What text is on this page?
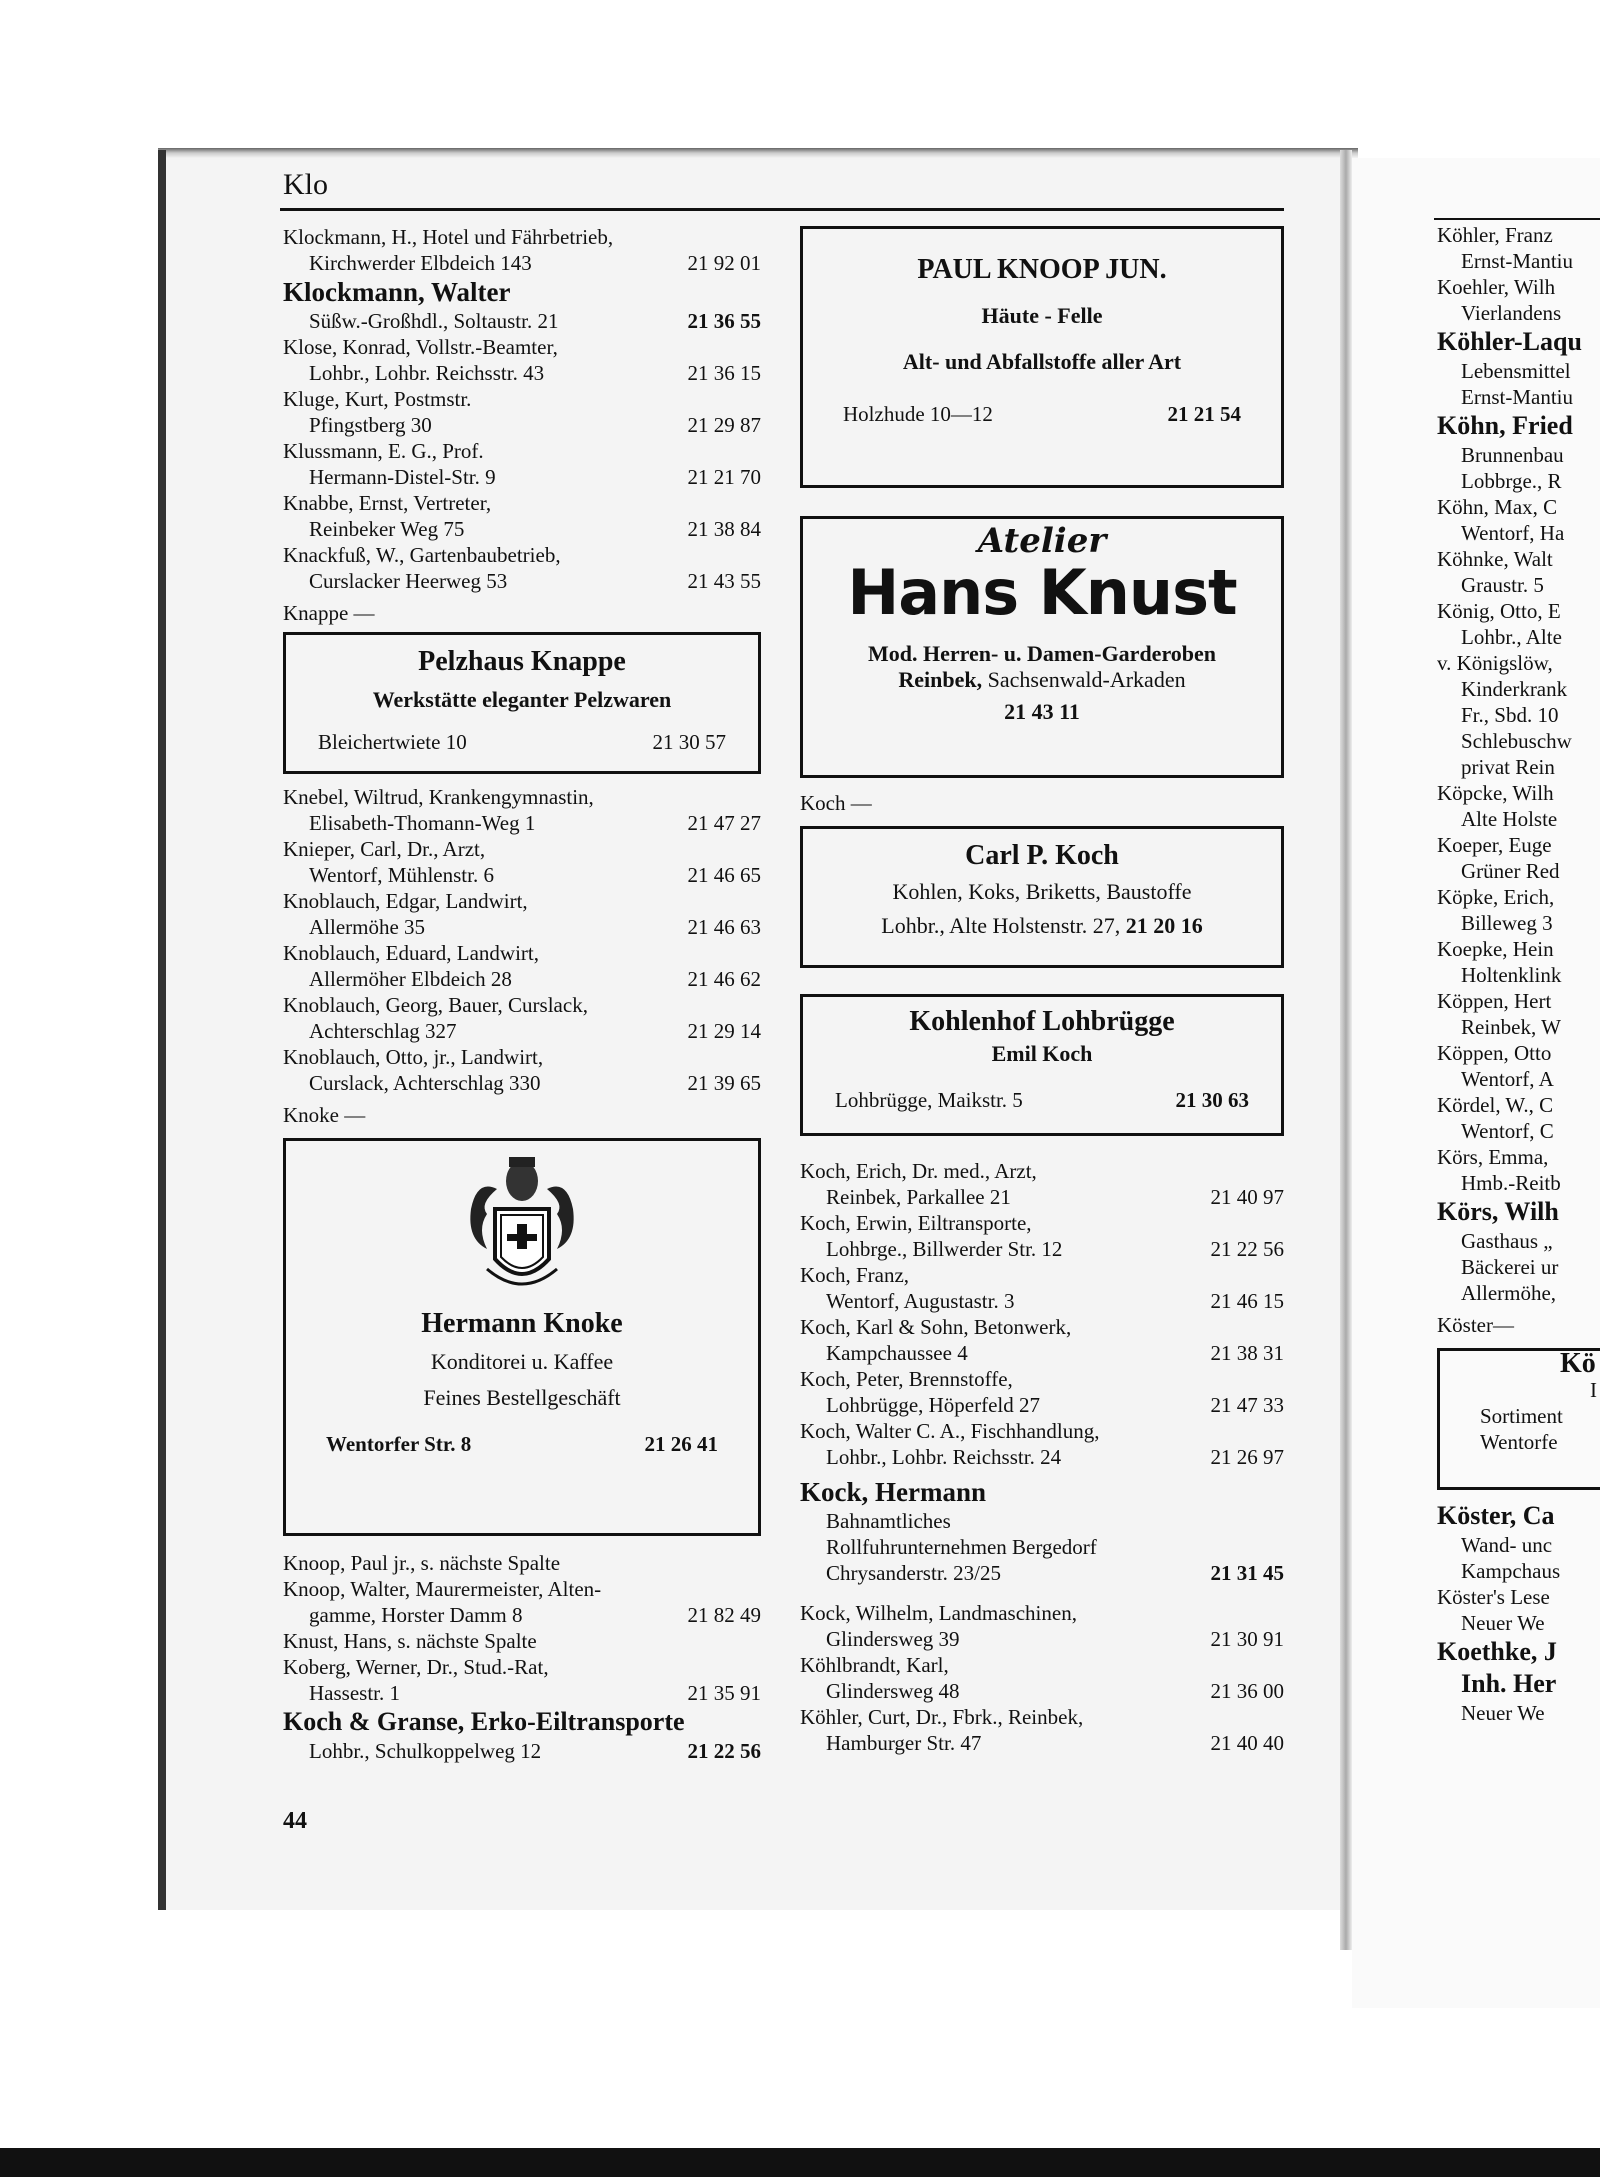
Klo
Klockmann, H., Hotel und Fährbetrieb,
Kirchwerder Elbdeich 143	21 92 01
Klockmann, Walter
Süßw.-Großhdl., Soltaustr. 21	21 36 55
Klose, Konrad, Vollstr.-Beamter,
Lohbr., Lohbr. Reichsstr. 43	21 36 15
Kluge, Kurt, Postmstr.
Pfingstberg 30	21 29 87
Klussmann, E. G., Prof.
Hermann-Distel-Str. 9	21 21 70
Knabbe, Ernst, Vertreter,
Reinbeker Weg 75	21 38 84
Knackfuß, W., Gartenbaubetrieb,
Curslacker Heerweg 53	21 43 55
Knappe —
Pelzhaus Knappe
Werkstätte eleganter Pelzwaren
Bleichertwiete 10	21 30 57
Knebel, Wiltrud, Krankengymnastin,
Elisabeth-Thomann-Weg 1	21 47 27
Knieper, Carl, Dr., Arzt,
Wentorf, Mühlenstr. 6	21 46 65
Knoblauch, Edgar, Landwirt,
Allermöhe 35	21 46 63
Knoblauch, Eduard, Landwirt,
Allermöher Elbdeich 28	21 46 62
Knoblauch, Georg, Bauer, Curslack,
Achterschlag 327	21 29 14
Knoblauch, Otto, jr., Landwirt,
Curslack, Achterschlag 330	21 39 65
Knoke —
Hermann Knoke
Konditorei u. Kaffee
Feines Bestellgeschäft
Wentorfer Str. 8	21 26 41
Knoop, Paul jr., s. nächste Spalte
Knoop, Walter, Maurermeister, Alten-
gamme, Horster Damm 8	21 82 49
Knust, Hans, s. nächste Spalte
Koberg, Werner, Dr., Stud.-Rat,
Hassestr. 1	21 35 91
Koch & Granse, Erko-Eiltransporte
Lohbr., Schulkoppelweg 12	21 22 56
44
PAUL KNOOP JUN.
Häute - Felle
Alt- und Abfallstoffe aller Art
Holzhude 10—12	21 21 54
Atelier
Hans Knust
Mod. Herren- u. Damen-Garderoben
Reinbek, Sachsenwald-Arkaden
21 43 11
Koch —
Carl P. Koch
Kohlen, Koks, Briketts, Baustoffe
Lohbr., Alte Holstenstr. 27, 21 20 16
Kohlenhof Lohbrügge
Emil Koch
Lohbrügge, Maikstr. 5	21 30 63
Koch, Erich, Dr. med., Arzt,
Reinbek, Parkallee 21	21 40 97
Koch, Erwin, Eiltransporte,
Lohbrge., Billwerder Str. 12	21 22 56
Koch, Franz,
Wentorf, Augustastr. 3	21 46 15
Koch, Karl & Sohn, Betonwerk,
Kampchaussee 4	21 38 31
Koch, Peter, Brennstoffe,
Lohbrügge, Höperfeld 27	21 47 33
Koch, Walter C. A., Fischhandlung,
Lohbr., Lohbr. Reichsstr. 24	21 26 97
Kock, Hermann
Bahnamtliches
Rollfuhrunternehmen Bergedorf
Chrysanderstr. 23/25	21 31 45
Kock, Wilhelm, Landmaschinen,
Glindersweg 39	21 30 91
Köhlbrandt, Karl,
Glindersweg 48	21 36 00
Köhler, Curt, Dr., Fbrk., Reinbek,
Hamburger Str. 47	21 40 40
Köhler, Franz
Ernst-Mantiu
Koehler, Wilh
Vierlandens
Köhler-Laqu
Lebensmittel
Ernst-Mantiu
Köhn, Fried
Brunnenbau
Lobbrge., R
Köhn, Max, C
Wentorf, Ha
Köhnke, Walt
Graustr. 5
König, Otto, E
Lohbr., Alte
v. Königslöw,
Kinderkrank
Fr., Sbd. 10
Schlebuschw
privat Rein
Köpcke, Wilh
Alte Holste
Koeper, Euge
Grüner Red
Köpke, Erich,
Billeweg 3
Koepke, Hein
Holtenklink
Köppen, Hert
Reinbek, W
Köppen, Otto
Wentorf, A
Kördel, W., C
Wentorf, C
Körs, Emma,
Hmb.-Reitb
Körs, Wilh
Gasthaus „
Bäckerei ur
Allermöhe,
Köster—
Kö
I
Sortiment
Wentorfe
Köster, Ca
Wand- unc
Kampchaus
Köster's Lese
Neuer We
Koethke, J
Inh. Her
Neuer We
